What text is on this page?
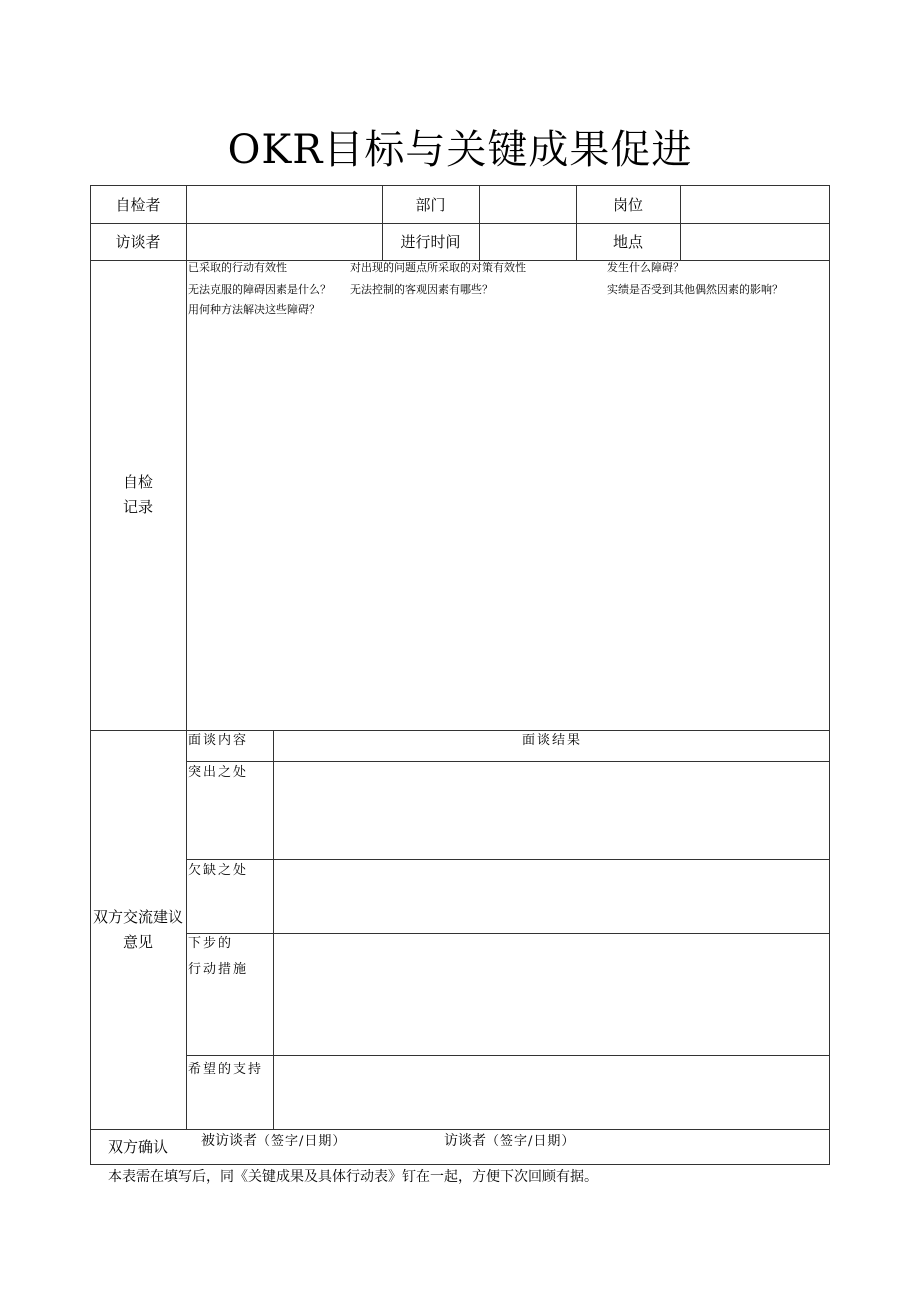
OKR目标与关键成果促进
自检者	部门	岗位
访谈者	进行时间	地点
自检
记录
已采取的行动有效性	对出现的问题点所采取的对策有效性	发生什么障碍？
无法克服的障碍因素是什么？ 无法控制的客观因素有哪些？	实绩是否受到其他偶然因素的影响？
用何种方法解决这些障碍？
双方交流建议
意见
面谈内容	面谈结果
突出之处
欠缺之处
下步的
行动措施
希望的支持
双方确认	被访谈者（签字/日期）	访谈者（签字/日期）
本表需在填写后，同《关键成果及具体行动表》钉在一起，方便下次回顾有据。
